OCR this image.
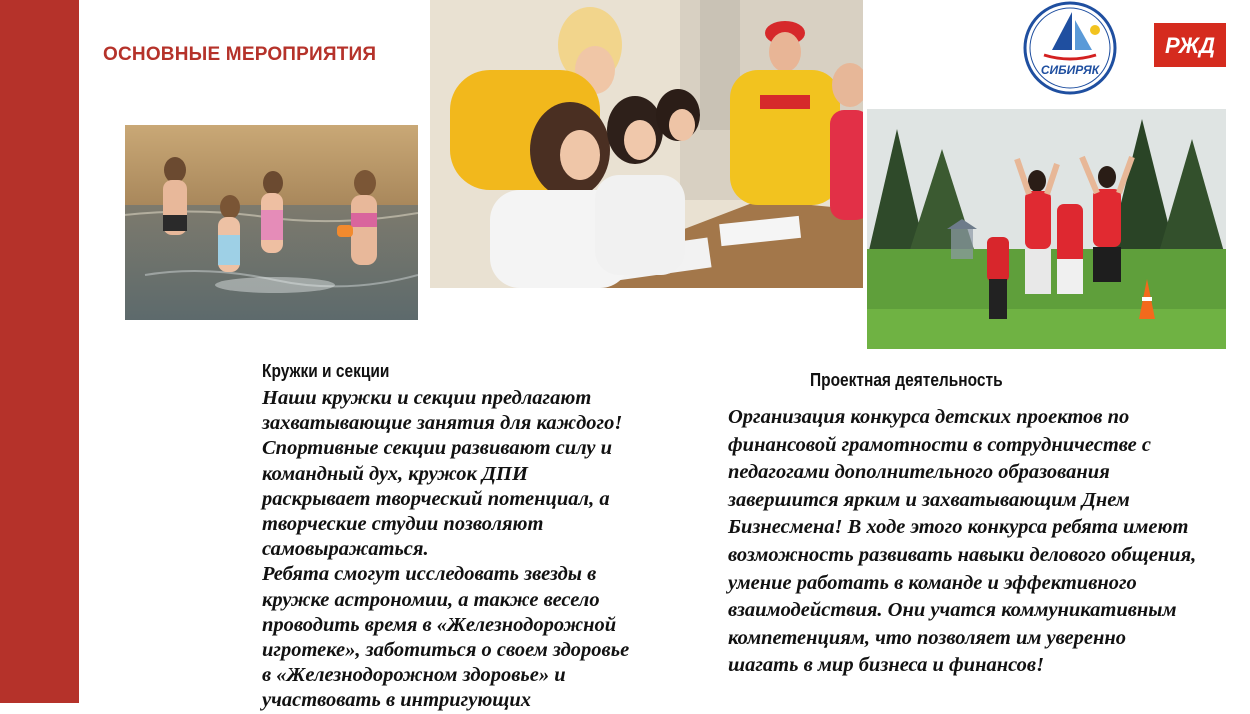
ОСНОВНЫЕ МЕРОПРИЯТИЯ
СИБИРЯК
РЖД
Кружки и секции

Наши кружки и секции предлагают

захватывающие занятия для каждого!

Спортивные секции развивают силу и

командный дух, кружок ДПИ

раскрывает творческий потенциал, а

творческие студии позволяют

самовыражаться.

Ребята смогут исследовать звезды в

кружке астрономии, а также весело

проводить время в «Железнодорожной

игротеке», заботиться о своем здоровье

в «Железнодорожном здоровье» и

участвовать в интригующих

Проектная деятельность

Организация конкурса детских проектов по

финансовой грамотности в сотрудничестве с

педагогами дополнительного образования

завершится ярким и захватывающим Днем

Бизнесмена! В ходе этого конкурса ребята имеют

возможность развивать навыки делового общения,

умение работать в команде и эффективного

взаимодействия. Они учатся коммуникативным

компетенциям, что позволяет им уверенно

шагать в мир бизнеса и финансов!
